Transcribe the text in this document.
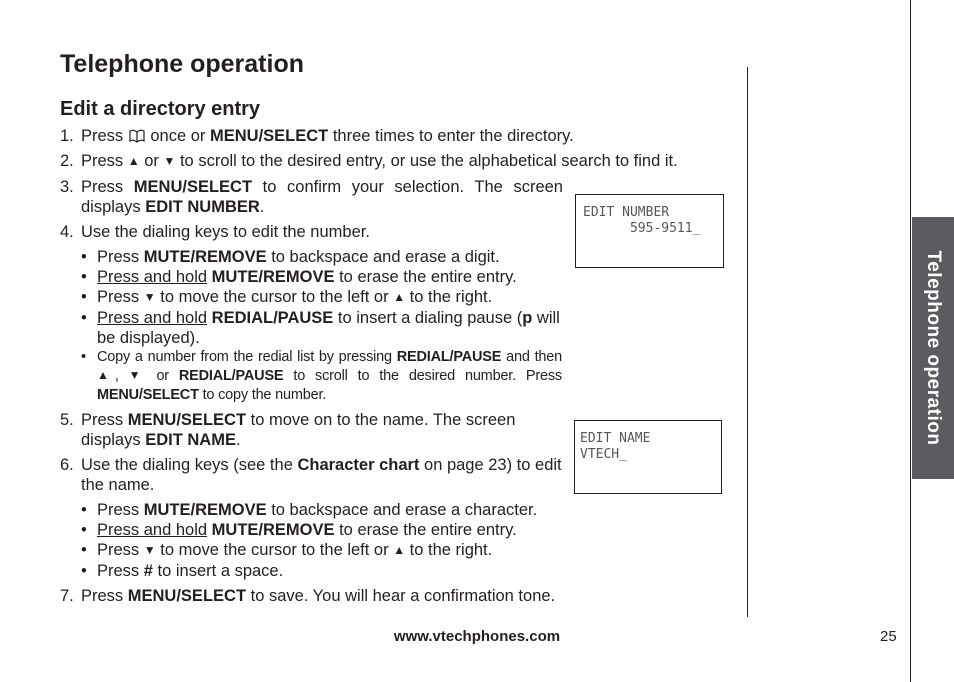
Telephone operation
Edit a directory entry
1. Press  once or MENU/SELECT three times to enter the directory.
2. Press ▲ or ▼ to scroll to the desired entry, or use the alphabetical search to find it.
3. Press MENU/SELECT to confirm your selection. The screen displays EDIT NUMBER.
4. Use the dialing keys to edit the number.
• Press MUTE/REMOVE to backspace and erase a digit.
• Press and hold MUTE/REMOVE to erase the entire entry.
• Press ▼ to move the cursor to the left or ▲ to the right.
• Press and hold REDIAL/PAUSE to insert a dialing pause (p will be displayed).
• Copy a number from the redial list by pressing REDIAL/PAUSE and then ▲, ▼ or REDIAL/PAUSE to scroll to the desired number. Press MENU/SELECT to copy the number.
5. Press MENU/SELECT to move on to the name. The screen displays EDIT NAME.
6. Use the dialing keys (see the Character chart on page 23) to edit the name.
• Press MUTE/REMOVE to backspace and erase a character.
• Press and hold MUTE/REMOVE to erase the entire entry.
• Press ▼ to move the cursor to the left or ▲ to the right.
• Press # to insert a space.
7. Press MENU/SELECT to save. You will hear a confirmation tone.
EDIT NUMBER
595-9511_
EDIT NAME
VTECH_
Telephone operation
www.vtechphones.com	25
